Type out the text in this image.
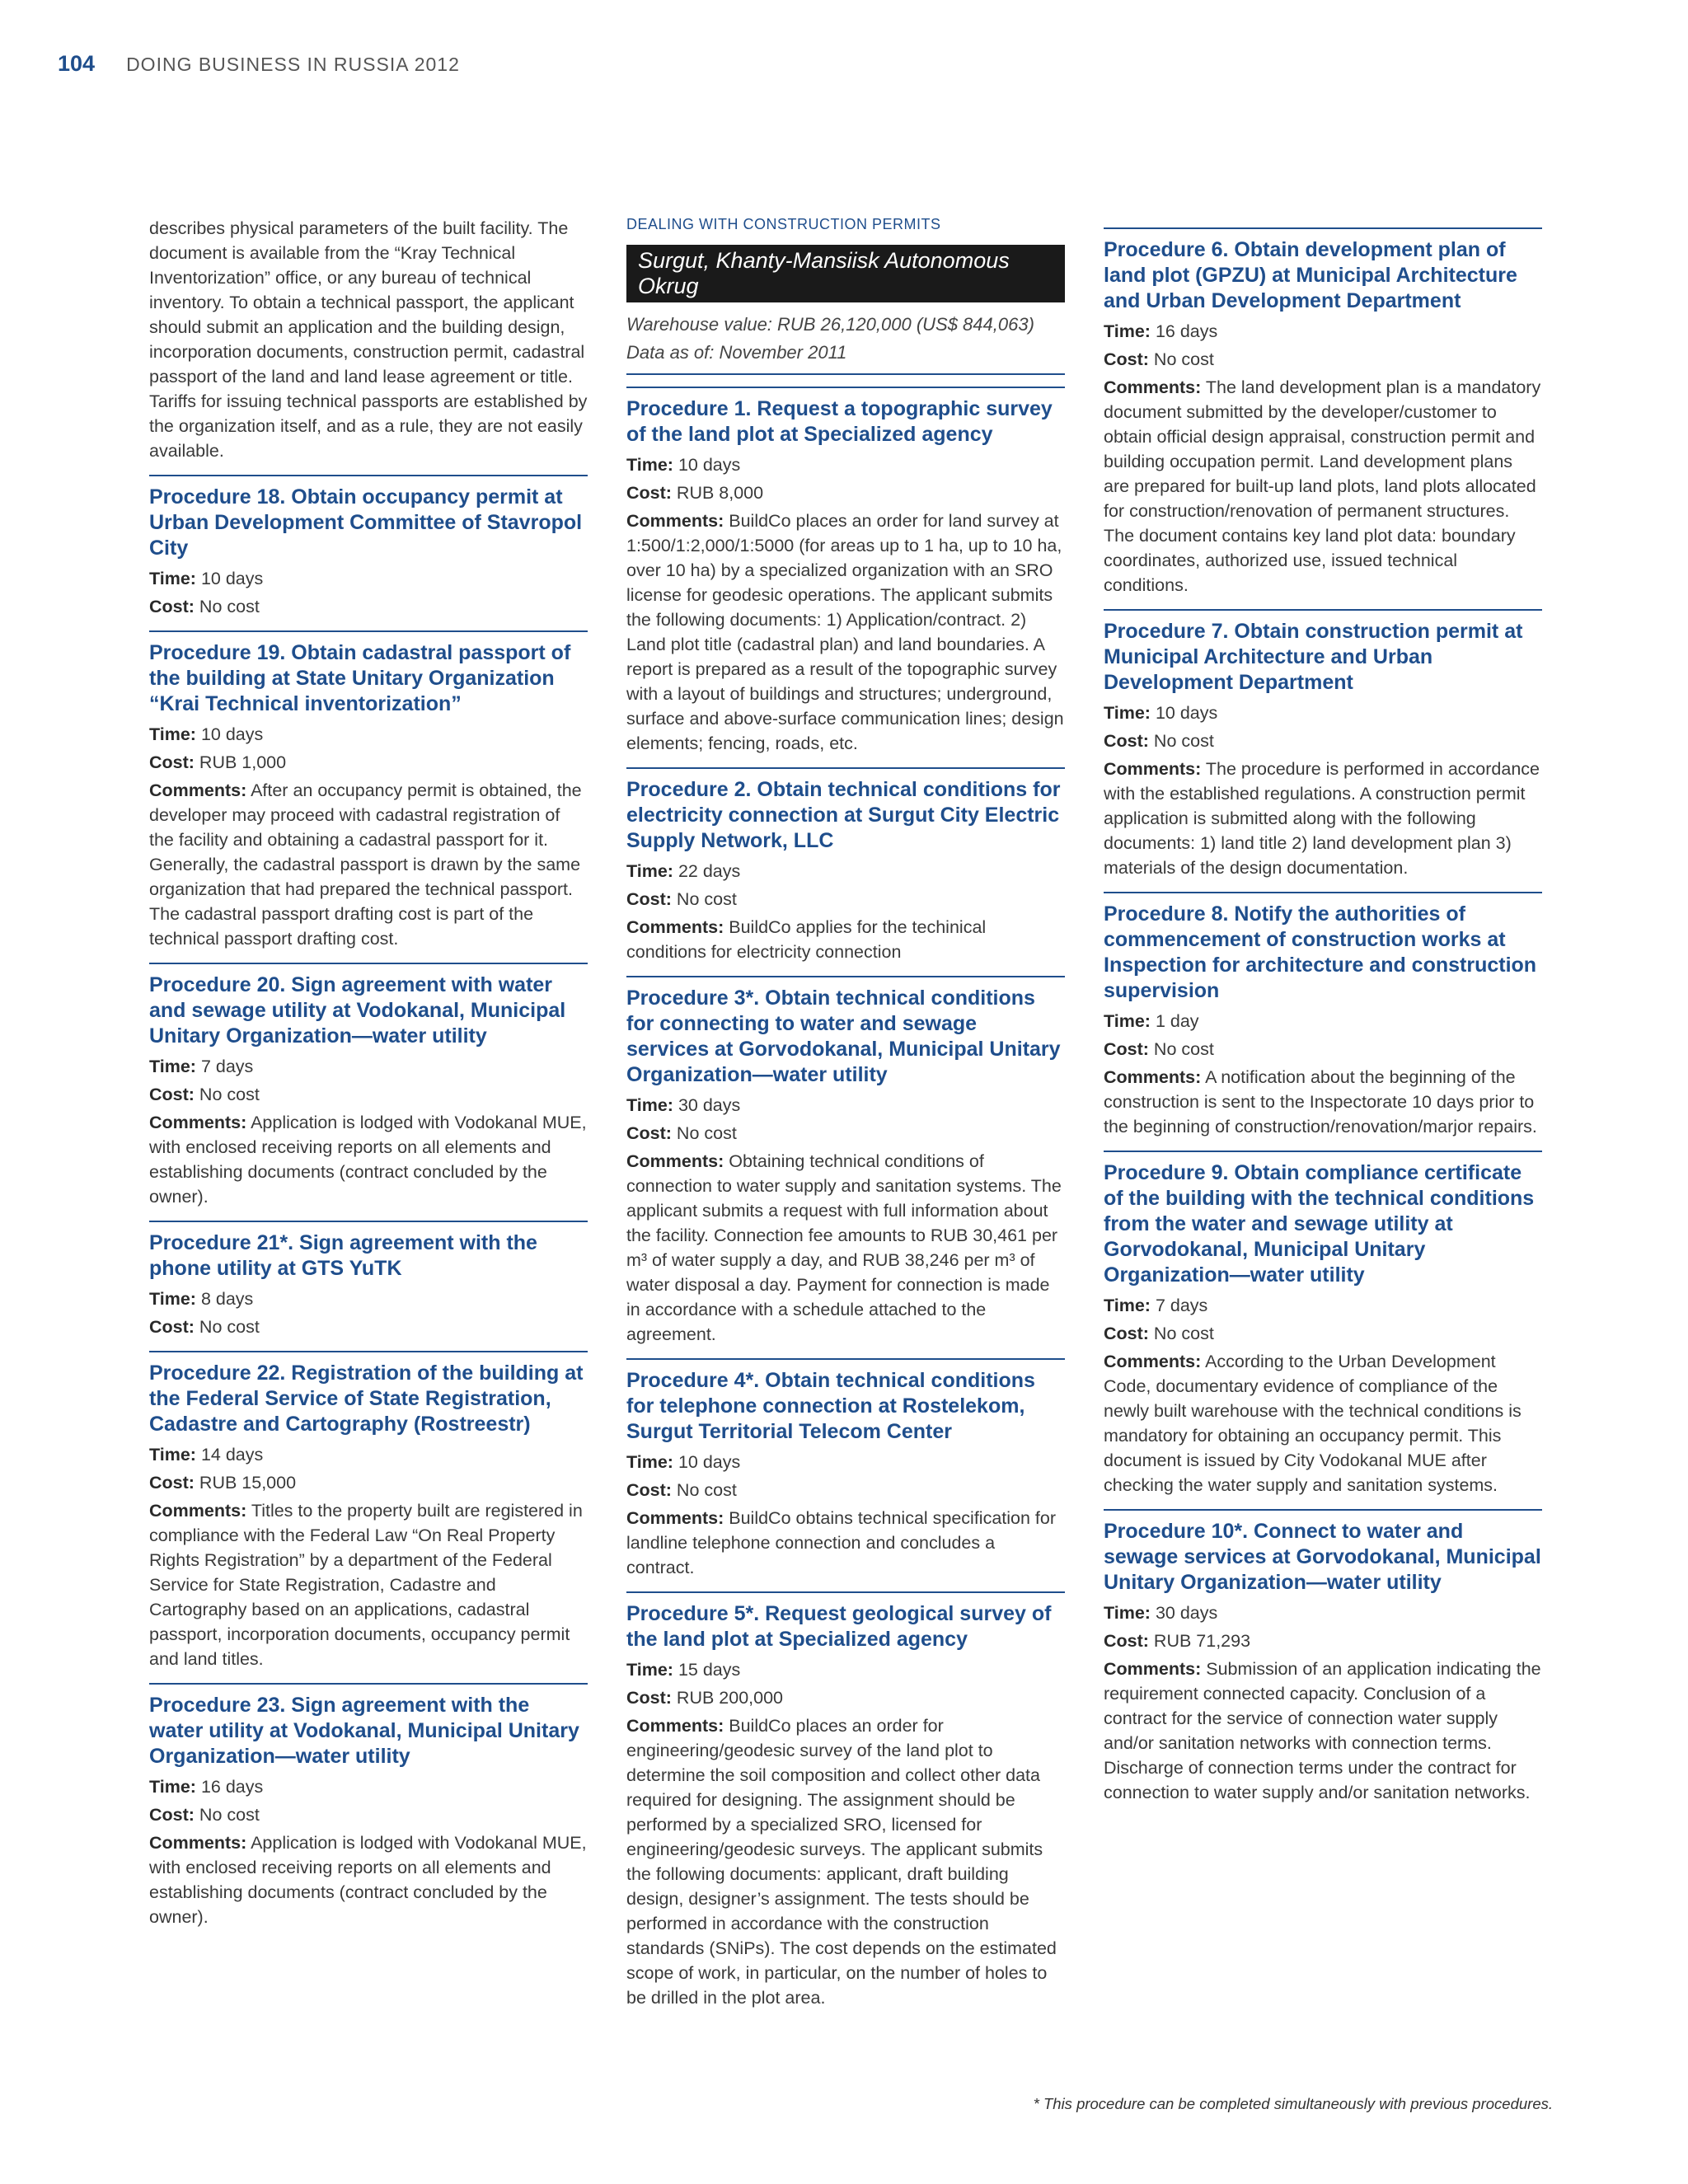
104 DOING BUSINESS IN RUSSIA 2012

describes physical parameters of the built facility. The document is available from the “Kray Technical Inventorization” office, or any bureau of technical inventory. To obtain a technical passport, the applicant should submit an application and the building design, incorporation documents, construction permit, cadastral passport of the land and land lease agreement or title. Tariffs for issuing technical passports are established by the organization itself, and as a rule, they are not easily available.

Procedure 18. Obtain occupancy permit at Urban Development Committee of Stavropol City
Time: 10 days
Cost: No cost
Procedure 19. Obtain cadastral passport of the building at State Unitary Organization “Krai Technical inventorization”
Time: 10 days
Cost: RUB 1,000
Comments: After an occupancy permit is obtained, the developer may proceed with cadastral registration of the facility and obtaining a cadastral passport for it. Generally, the cadastral passport is drawn by the same organization that had prepared the technical passport. The cadastral passport drafting cost is part of the technical passport drafting cost.
Procedure 20. Sign agreement with water and sewage utility at Vodokanal, Municipal Unitary Organization—water utility
Time: 7 days
Cost: No cost
Comments: Application is lodged with Vodokanal MUE, with enclosed receiving reports on all elements and establishing documents (contract concluded by the owner).
Procedure 21*. Sign agreement with the phone utility at GTS YuTK
Time: 8 days
Cost: No cost
Procedure 22. Registration of the building at the Federal Service of State Registration, Cadastre and Cartography (Rostreestr)
Time: 14 days
Cost: RUB 15,000
Comments: Titles to the property built are registered in compliance with the Federal Law “On Real Property Rights Registration” by a department of the Federal Service for State Registration, Cadastre and Cartography based on an applications, cadastral passport, incorporation documents, occupancy permit and land titles.
Procedure 23. Sign agreement with the water utility at Vodokanal, Municipal Unitary Organization—water utility
Time: 16 days
Cost: No cost
Comments: Application is lodged with Vodokanal MUE, with enclosed receiving reports on all elements and establishing documents (contract concluded by the owner).
DEALING WITH CONSTRUCTION PERMITS
Surgut, Khanty-Mansiisk Autonomous Okrug
Warehouse value: RUB 26,120,000 (US$ 844,063)
Data as of: November 2011
Procedure 1. Request a topographic survey of the land plot at Specialized agency
Time: 10 days
Cost: RUB 8,000
Comments: BuildCo places an order for land survey at 1:500/1:2,000/1:5000 (for areas up to 1 ha, up to 10 ha, over 10 ha) by a specialized organization with an SRO license for geodesic operations. The applicant submits the following documents: 1) Application/contract. 2) Land plot title (cadastral plan) and land boundaries. A report is prepared as a result of the topographic survey with a layout of buildings and structures; underground, surface and above-surface communication lines; design elements; fencing, roads, etc.
Procedure 2. Obtain technical conditions for electricity connection at Surgut City Electric Supply Network, LLC
Time: 22 days
Cost: No cost
Comments: BuildCo applies for the techinical conditions for electricity connection
Procedure 3*. Obtain technical conditions for connecting to water and sewage services at Gorvodokanal, Municipal Unitary Organization—water utility
Time: 30 days
Cost: No cost
Comments: Obtaining technical conditions of connection to water supply and sanitation systems. The applicant submits a request with full information about the facility. Connection fee amounts to RUB 30,461 per m³ of water supply a day, and RUB 38,246 per m³ of water disposal a day. Payment for connection is made in accordance with a schedule attached to the agreement.
Procedure 4*. Obtain technical conditions for telephone connection at Rostelekom, Surgut Territorial Telecom Center
Time: 10 days
Cost: No cost
Comments: BuildCo obtains technical specification for landline telephone connection and concludes a contract.
Procedure 5*. Request geological survey of the land plot at Specialized agency
Time: 15 days
Cost: RUB 200,000
Comments: BuildCo places an order for engineering/geodesic survey of the land plot to determine the soil composition and collect other data required for designing. The assignment should be performed by a specialized SRO, licensed for engineering/geodesic surveys. The applicant submits the following documents: applicant, draft building design, designer’s assignment. The tests should be performed in accordance with the construction standards (SNiPs). The cost depends on the estimated scope of work, in particular, on the number of holes to be drilled in the plot area.
Procedure 6. Obtain development plan of land plot (GPZU) at Municipal Architecture and Urban Development Department
Time: 16 days
Cost: No cost
Comments: The land development plan is a mandatory document submitted by the developer/customer to obtain official design appraisal, construction permit and building occupation permit. Land development plans are prepared for built-up land plots, land plots allocated for construction/renovation of permanent structures. The document contains key land plot data: boundary coordinates, authorized use, issued technical conditions.
Procedure 7. Obtain construction permit at Municipal Architecture and Urban Development Department
Time: 10 days
Cost: No cost
Comments: The procedure is performed in accordance with the established regulations. A construction permit application is submitted along with the following documents: 1) land title 2) land development plan 3) materials of the design documentation.
Procedure 8. Notify the authorities of commencement of construction works at Inspection for architecture and construction supervision
Time: 1 day
Cost: No cost
Comments: A notification about the beginning of the construction is sent to the Inspectorate 10 days prior to the beginning of construction/renovation/marjor repairs.
Procedure 9. Obtain compliance certificate of the building with the technical conditions from the water and sewage utility at Gorvodokanal, Municipal Unitary Organization—water utility
Time: 7 days
Cost: No cost
Comments: According to the Urban Development Code, documentary evidence of compliance of the newly built warehouse with the technical conditions is mandatory for obtaining an occupancy permit. This document is issued by City Vodokanal MUE after checking the water supply and sanitation systems.
Procedure 10*. Connect to water and sewage services at Gorvodokanal, Municipal Unitary Organization—water utility
Time: 30 days
Cost: RUB 71,293
Comments: Submission of an application indicating the requirement connected capacity. Conclusion of a contract for the service of connection water supply and/or sanitation networks with connection terms. Discharge of connection terms under the contract for connection to water supply and/or sanitation networks.
* This procedure can be completed simultaneously with previous procedures.
